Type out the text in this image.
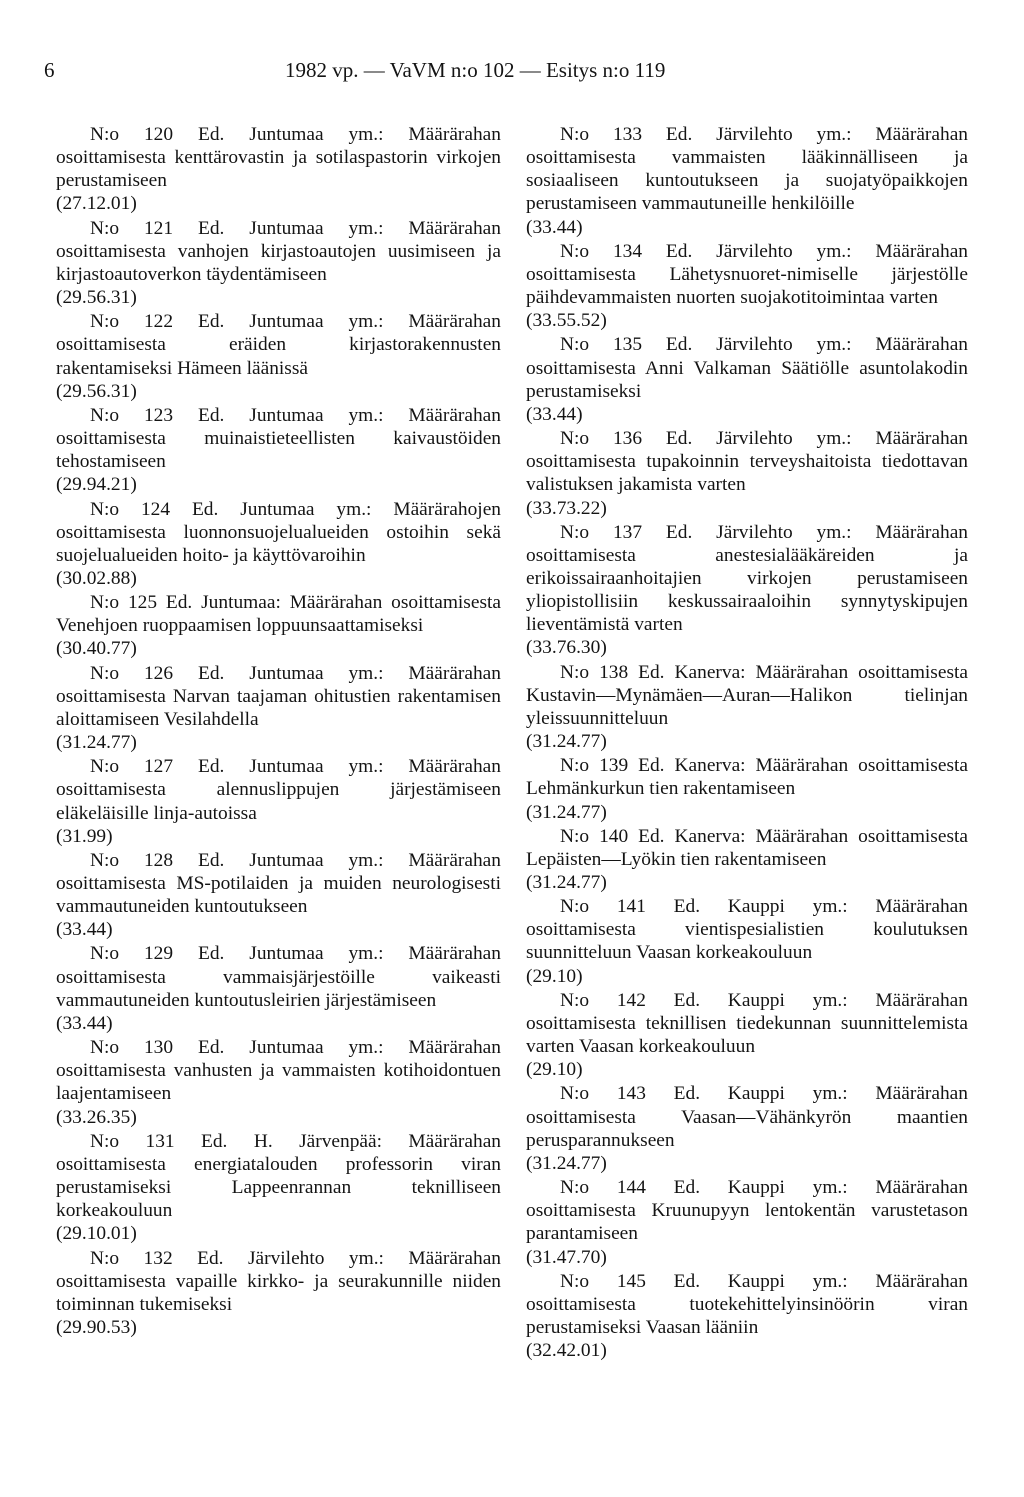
6	1982 vp. — VaVM n:o 102 — Esitys n:o 119

N:o 120 Ed. Juntumaa ym.: Määrärahan osoittamisesta kenttärovastin ja sotilaspastorin virkojen perustamiseen

(27.12.01)

N:o 121 Ed. Juntumaa ym.: Määrärahan osoittamisesta vanhojen kirjastoautojen uusimiseen ja kirjastoautoverkon täydentämiseen

(29.56.31)

N:o 122 Ed. Juntumaa ym.: Määrärahan osoittamisesta eräiden kirjastorakennusten rakentamiseksi Hämeen läänissä

(29.56.31)

N:o 123 Ed. Juntumaa ym.: Määrärahan osoittamisesta muinaistieteellisten kaivaustöiden tehostamiseen

(29.94.21)

N:o 124 Ed. Juntumaa ym.: Määrärahojen osoittamisesta luonnonsuojelualueiden ostoihin sekä suojelualueiden hoito- ja käyttövaroihin

(30.02.88)

N:o 125 Ed. Juntumaa: Määrärahan osoittamisesta Venehjoen ruoppaamisen loppuunsaattamiseksi

(30.40.77)

N:o 126 Ed. Juntumaa ym.: Määrärahan osoittamisesta Narvan taajaman ohitustien rakentamisen aloittamiseen Vesilahdella

(31.24.77)

N:o 127 Ed. Juntumaa ym.: Määrärahan osoittamisesta alennuslippujen järjestämiseen eläkeläisille linja-autoissa

(31.99)

N:o 128 Ed. Juntumaa ym.: Määrärahan osoittamisesta MS-potilaiden ja muiden neurologisesti vammautuneiden kuntoutukseen

(33.44)

N:o 129 Ed. Juntumaa ym.: Määrärahan osoittamisesta vammaisjärjestöille vaikeasti vammautuneiden kuntoutusleirien järjestämiseen

(33.44)

N:o 130 Ed. Juntumaa ym.: Määrärahan osoittamisesta vanhusten ja vammaisten kotihoidontuen laajentamiseen

(33.26.35)

N:o 131 Ed. H. Järvenpää: Määrärahan osoittamisesta energiatalouden professorin viran perustamiseksi Lappeenrannan teknilliseen korkeakouluun

(29.10.01)

N:o 132 Ed. Järvilehto ym.: Määrärahan osoittamisesta vapaille kirkko- ja seurakunnille niiden toiminnan tukemiseksi

(29.90.53)

N:o 133 Ed. Järvilehto ym.: Määrärahan osoittamisesta vammaisten lääkinnälliseen ja sosiaaliseen kuntoutukseen ja suojatyöpaikkojen perustamiseen vammautuneille henkilöille

(33.44)

N:o 134 Ed. Järvilehto ym.: Määrärahan osoittamisesta Lähetysnuoret-nimiselle järjestölle päihdevammaisten nuorten suojakotitoimintaa varten

(33.55.52)

N:o 135 Ed. Järvilehto ym.: Määrärahan osoittamisesta Anni Valkaman Säätiölle asuntolakodin perustamiseksi

(33.44)

N:o 136 Ed. Järvilehto ym.: Määrärahan osoittamisesta tupakoinnin terveyshaitoista tiedottavan valistuksen jakamista varten

(33.73.22)

N:o 137 Ed. Järvilehto ym.: Määrärahan osoittamisesta anestesialääkäreiden ja erikoissairaanhoitajien virkojen perustamiseen yliopistollisiin keskussairaaloihin synnytyskipujen lieventämistä varten

(33.76.30)

N:o 138 Ed. Kanerva: Määrärahan osoittamisesta Kustavin—Mynämäen—Auran—Halikon tielinjan yleissuunnitteluun

(31.24.77)

N:o 139 Ed. Kanerva: Määrärahan osoittamisesta Lehmänkurkun tien rakentamiseen

(31.24.77)

N:o 140 Ed. Kanerva: Määrärahan osoittamisesta Lepäisten—Lyökin tien rakentamiseen

(31.24.77)

N:o 141 Ed. Kauppi ym.: Määrärahan osoittamisesta vientispesialistien koulutuksen suunnitteluun Vaasan korkeakouluun

(29.10)

N:o 142 Ed. Kauppi ym.: Määrärahan osoittamisesta teknillisen tiedekunnan suunnittelemista varten Vaasan korkeakouluun

(29.10)

N:o 143 Ed. Kauppi ym.: Määrärahan osoittamisesta Vaasan—Vähänkyrön maantien perusparannukseen

(31.24.77)

N:o 144 Ed. Kauppi ym.: Määrärahan osoittamisesta Kruunupyyn lentokentän varustetason parantamiseen

(31.47.70)

N:o 145 Ed. Kauppi ym.: Määrärahan osoittamisesta tuotekehittelyinsinöörin viran perustamiseksi Vaasan lääniin

(32.42.01)
